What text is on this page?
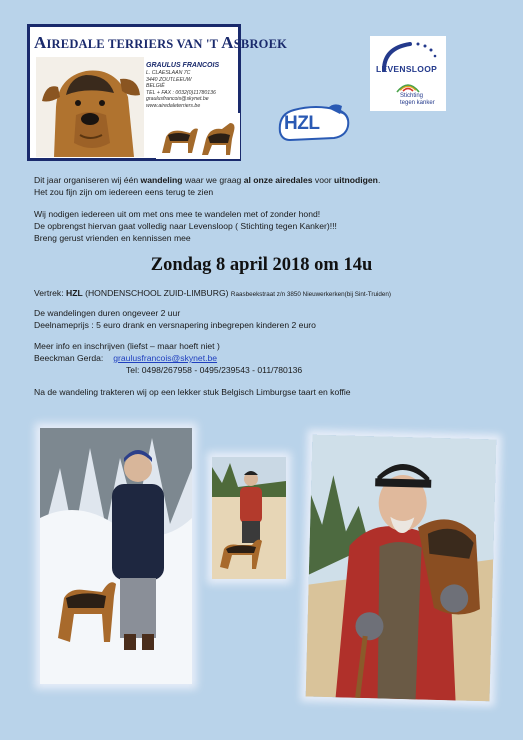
AIREDALE TERRIERS VAN 'T ASBROEK
GRAULUS FRANCOIS
L. CLAESLAAN 7C
3440 ZOUTLEEUW
BELGIË
TEL + FAX : 0032(0)11780136
graulusfrancois@skynet.be
www.airedaleterriers.be
LEVENSLOOP
Stichting
tegen kanker
HZL
Dit jaar organiseren wij één wandeling waar we graag al onze airedales voor uitnodigen.
Het zou fijn zijn om iedereen eens terug te zien
Wij nodigen iedereen uit om met ons mee te wandelen met of zonder hond!
De opbrengst hiervan gaat volledig naar Levensloop ( Stichting tegen Kanker)!!!
Breng gerust vrienden en kennissen mee
Zondag 8 april 2018 om 14u
Vertrek: HZL (HONDENSCHOOL ZUID-LIMBURG) Raasbeekstraat z/n 3850 Nieuwerkerken(bij Sint-Truiden)
De wandelingen duren ongeveer 2 uur
Deelnameprijs : 5 euro drank en versnapering inbegrepen kinderen 2 euro
Meer info en inschrijven (liefst – maar hoeft niet )
Beeckman Gerda: graulusfrancois@skynet.be
Tel: 0498/267958 - 0495/239543 - 011/780136
Na de wandeling trakteren wij op een lekker stuk Belgisch Limburgse taart en koffie
